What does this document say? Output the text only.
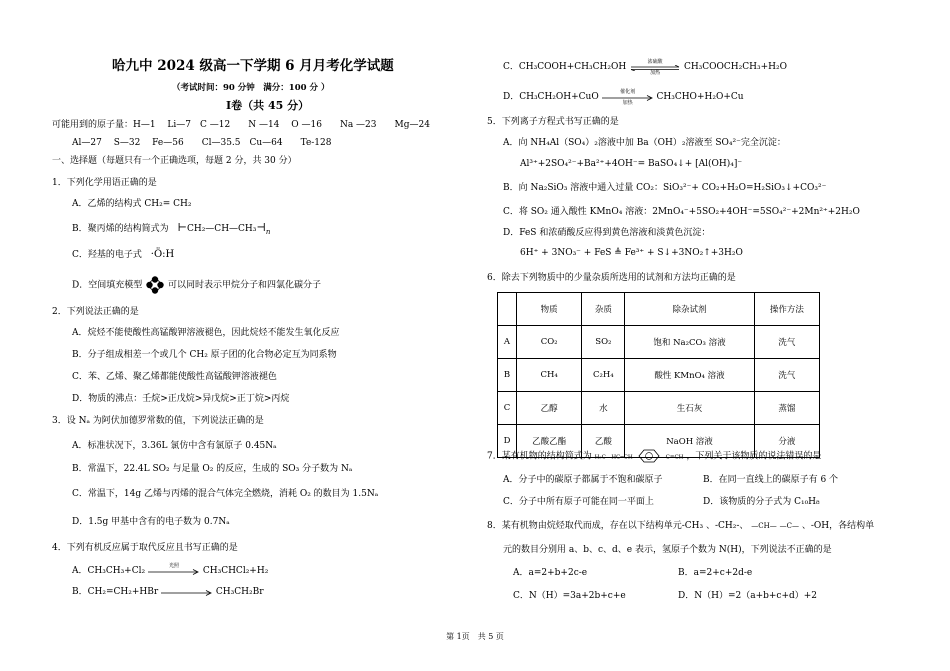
哈九中 2024 级高一下学期 6 月月考化学试题
（考试时间：90 分钟　满分：100 分 ）
I卷（共 45 分）
可能用到的原子量：H—1　 Li—7　C —12　　N —14　 O —16　　Na —23　　Mg—24
Al—27　 S—32　 Fe—56　　Cl—35.5　Cu—64　　Te-128
一、选择题（每题只有一个正确选项，每题 2 分，共 30 分）
1．下列化学用语正确的是
A．乙烯的结构式 CH₂= CH₂
B．聚丙烯的结构简式为 $⊢CH_2—CH—CH_3⊣_n$
C．羟基的电子式 ·Ö:H
D．空间填充模型	可以同时表示甲烷分子和四氯化碳分子
2．下列说法正确的是
A．烷烃不能使酸性高锰酸钾溶液褪色，因此烷烃不能发生氧化反应
B．分子组成相差一个或几个 CH₂ 原子团的化合物必定互为同系物
C．苯、乙烯、聚乙烯都能使酸性高锰酸钾溶液褪色
D．物质的沸点：壬烷>正戊烷>异戊烷>正丁烷>丙烷
3．设 Nₐ 为阿伏加德罗常数的值，下列说法正确的是
A．标准状况下，3.36L 氯仿中含有氯原子 0.45Nₐ
B．常温下，22.4L SO₂ 与足量 O₂ 的反应，生成的 SO₃ 分子数为 Nₐ
C．常温下，14g 乙烯与丙烯的混合气体完全燃烧，消耗 O₂ 的数目为 1.5Nₐ
D．1.5g 甲基中含有的电子数为 0.7Nₐ
4．下列有机反应属于取代反应且书写正确的是
A．CH₃CH₃+Cl₂
光照
CH₃CHCl₂+H₂
B．CH₂=CH₂+HBr	CH₃CH₂Br
C．CH₃COOH+CH₃CH₂OH
浓硫酸
加热
CH₃COOCH₂CH₃+H₂O
D．CH₃CH₂OH+CuO
催化剂
加热
CH₃CHO+H₂O+Cu
5．下列离子方程式书写正确的是
A．向 NH₄Al（SO₄）₂溶液中加 Ba（OH）₂溶液至 SO₄²⁻完全沉淀：
Al³⁺+2SO₄²⁻+Ba²⁺+4OH⁻= BaSO₄↓+ [Al(OH)₄]⁻
B．向 Na₂SiO₃ 溶液中通入过量 CO₂：SiO₃²⁻+ CO₂+H₂O=H₂SiO₃↓+CO₃²⁻
C．将 SO₂ 通入酸性 KMnO₄ 溶液：2MnO₄⁻+5SO₂+4OH⁻=5SO₄²⁻+2Mn²⁺+2H₂O
D．FeS 和浓硝酸反应得到黄色溶液和淡黄色沉淀：
6H⁺ + 3NO₃⁻ + FeS ≜ Fe³⁺ + S↓+3NO₂↑+3H₂O
6．除去下列物质中的少量杂质所选用的试剂和方法均正确的是
	物质	杂质	除杂试剂	操作方法
A	CO₂	SO₂	饱和 Na₂CO₃ 溶液	洗气
B	CH₄	C₂H₄	酸性 KMnO₄ 溶液	洗气
C	乙醇	水	生石灰	蒸馏
D	乙酸乙酯	乙酸	NaOH 溶液	分液
7．某有机物的结构简式为 H₃C—HC═CH—	—C≡CH ，下列关于该物质的说法错误的是
A．分子中的碳原子都属于不饱和碳原子	B．在同一直线上的碳原子有 6 个
C．分子中所有原子可能在同一平面上	D．该物质的分子式为 C₁₀H₈
8．某有机物由烷烃取代而成，存在以下结构单元-CH₃ 、-CH₂-、 —CH— —C— 、-OH，各结构单
元的数目分别用 a、b、c、d、e 表示，氢原子个数为 N(H)，下列说法不正确的是
A．a=2+b+2c-e	B．a=2+c+2d-e
C．N（H）=3a+2b+c+e	D．N（H）=2（a+b+c+d）+2
第 1页　共 5 页
